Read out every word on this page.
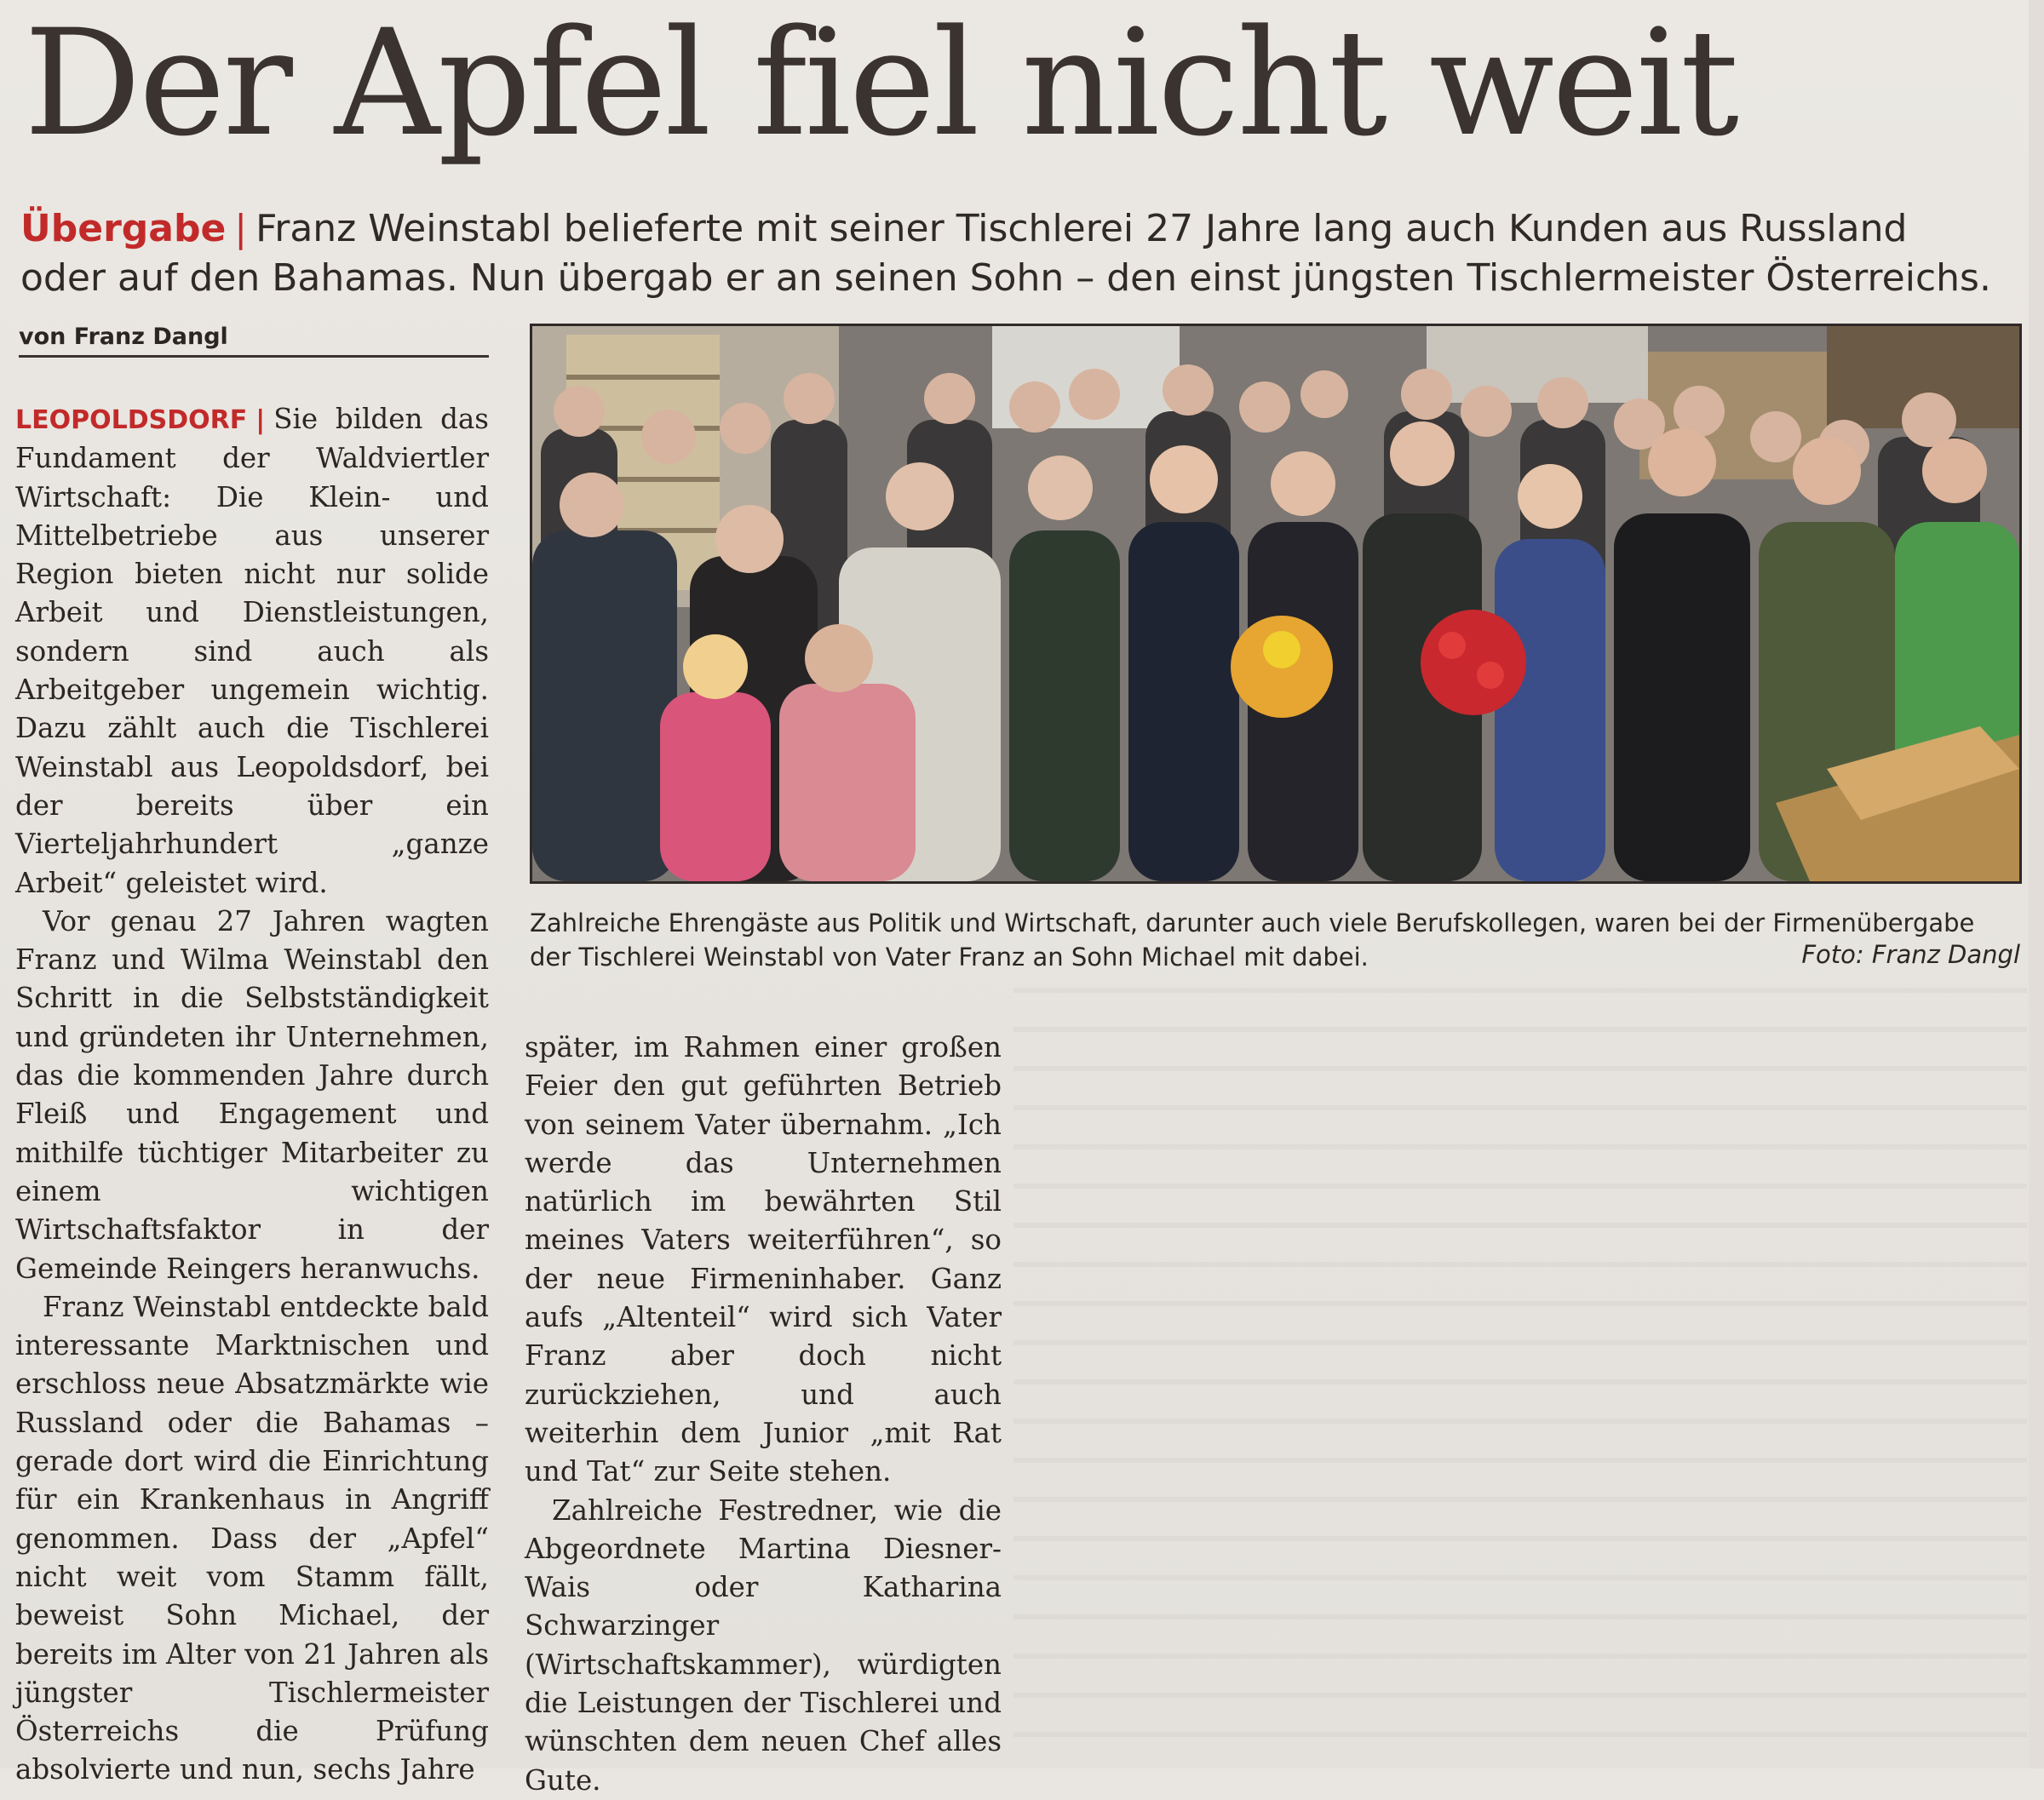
Der Apfel fiel nicht weit

Übergabe | Franz Weinstabl belieferte mit seiner Tischlerei 27 Jahre lang auch Kunden aus Russland oder auf den Bahamas. Nun übergab er an seinen Sohn – den einst jüngsten Tischlermeister Österreichs.

von Franz Dangl
Zahlreiche Ehrengäste aus Politik und Wirtschaft, darunter auch viele Berufskollegen, waren bei der Firmenübergabe der Tischlerei Weinstabl von Vater Franz an Sohn Michael mit dabei.	Foto: Franz Dangl

LEOPOLDSDORF | Sie bilden das Fundament der Waldviertler Wirtschaft: Die Klein- und Mittelbetriebe aus unserer Region bieten nicht nur solide Arbeit und Dienstleistungen, sondern sind auch als Arbeitgeber ungemein wichtig. Dazu zählt auch die Tischlerei Weinstabl aus Leopoldsdorf, bei der bereits über ein Vierteljahrhundert „ganze Arbeit“ geleistet wird.

Vor genau 27 Jahren wagten Franz und Wilma Weinstabl den Schritt in die Selbstständigkeit und gründeten ihr Unternehmen, das die kommenden Jahre durch Fleiß und Engagement und mithilfe tüchtiger Mitarbeiter zu einem wichtigen Wirtschaftsfaktor in der Gemeinde Reingers heranwuchs.

Franz Weinstabl entdeckte bald interessante Marktnischen und erschloss neue Absatzmärkte wie Russland oder die Bahamas – gerade dort wird die Einrichtung für ein Krankenhaus in Angriff genommen. Dass der „Apfel“ nicht weit vom Stamm fällt, beweist Sohn Michael, der bereits im Alter von 21 Jahren als jüngster Tischlermeister Österreichs die Prüfung absolvierte und nun, sechs Jahre

später, im Rahmen einer großen Feier den gut geführten Betrieb von seinem Vater übernahm. „Ich werde das Unternehmen natürlich im bewährten Stil meines Vaters weiterführen“, so der neue Firmeninhaber. Ganz aufs „Altenteil“ wird sich Vater Franz aber doch nicht zurückziehen, und auch weiterhin dem Junior „mit Rat und Tat“ zur Seite stehen.

Zahlreiche Festredner, wie die Abgeordnete Martina Diesner-Wais oder Katharina Schwarzinger (Wirtschaftskammer), würdigten die Leistungen der Tischlerei und wünschten dem neuen Chef alles Gute.
